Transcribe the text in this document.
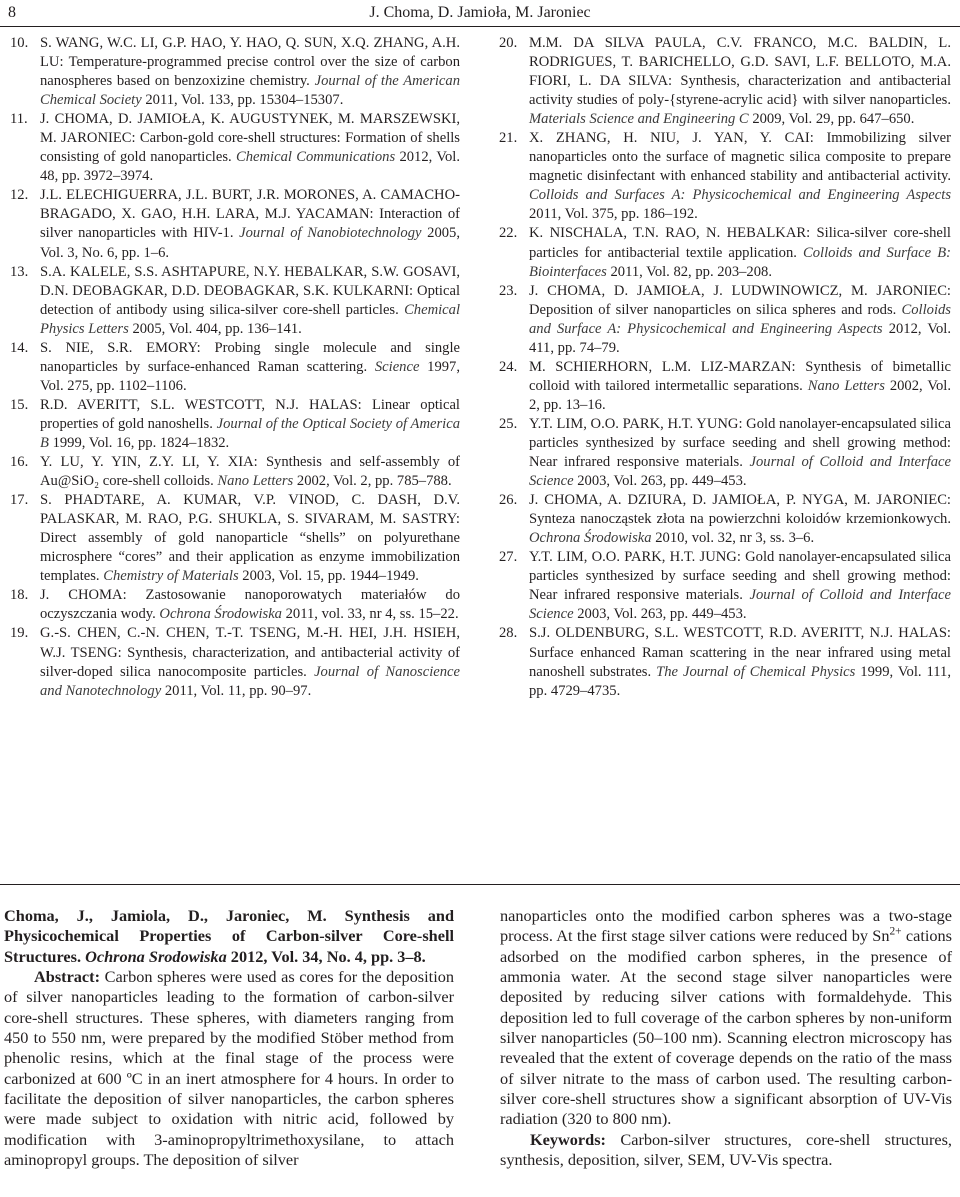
8	J. Choma, D. Jamioła, M. Jaroniec
10. S. WANG, W.C. LI, G.P. HAO, Y. HAO, Q. SUN, X.Q. ZHANG, A.H. LU: Temperature-programmed precise control over the size of carbon nanospheres based on benzoxizine chemistry. Journal of the American Chemical Society 2011, Vol. 133, pp. 15304–15307.
11. J. CHOMA, D. JAMIOŁA, K. AUGUSTYNEK, M. MARSZEWSKI, M. JARONIEC: Carbon-gold core-shell structures: Formation of shells consisting of gold nanoparticles. Chemical Communications 2012, Vol. 48, pp. 3972–3974.
12. J.L. ELECHIGUERRA, J.L. BURT, J.R. MORONES, A. CAMACHO-BRAGADO, X. GAO, H.H. LARA, M.J. YACAMAN: Interaction of silver nanoparticles with HIV-1. Journal of Nanobiotechnology 2005, Vol. 3, No. 6, pp. 1–6.
13. S.A. KALELE, S.S. ASHTAPURE, N.Y. HEBALKAR, S.W. GOSAVI, D.N. DEOBAGKAR, D.D. DEOBAGKAR, S.K. KULKARNI: Optical detection of antibody using silica-silver core-shell particles. Chemical Physics Letters 2005, Vol. 404, pp. 136–141.
14. S. NIE, S.R. EMORY: Probing single molecule and single nanoparticles by surface-enhanced Raman scattering. Science 1997, Vol. 275, pp. 1102–1106.
15. R.D. AVERITT, S.L. WESTCOTT, N.J. HALAS: Linear optical properties of gold nanoshells. Journal of the Optical Society of America B 1999, Vol. 16, pp. 1824–1832.
16. Y. LU, Y. YIN, Z.Y. LI, Y. XIA: Synthesis and self-assembly of Au@SiO₂ core-shell colloids. Nano Letters 2002, Vol. 2, pp. 785–788.
17. S. PHADTARE, A. KUMAR, V.P. VINOD, C. DASH, D.V. PALASKAR, M. RAO, P.G. SHUKLA, S. SIVARAM, M. SASTRY: Direct assembly of gold nanoparticle “shells” on polyurethane microsphere “cores” and their application as enzyme immobilization templates. Chemistry of Materials 2003, Vol. 15, pp. 1944–1949.
18. J. CHOMA: Zastosowanie nanoporowatych materiałów do oczyszczania wody. Ochrona Środowiska 2011, vol. 33, nr 4, ss. 15–22.
19. G.-S. CHEN, C.-N. CHEN, T.-T. TSENG, M.-H. HEI, J.H. HSIEH, W.J. TSENG: Synthesis, characterization, and antibacterial activity of silver-doped silica nanocomposite particles. Journal of Nanoscience and Nanotechnology 2011, Vol. 11, pp. 90–97.
20. M.M. DA SILVA PAULA, C.V. FRANCO, M.C. BALDIN, L. RODRIGUES, T. BARICHELLO, G.D. SAVI, L.F. BELLOTO, M.A. FIORI, L. DA SILVA: Synthesis, characterization and antibacterial activity studies of poly-{styrene-acrylic acid} with silver nanoparticles. Materials Science and Engineering C 2009, Vol. 29, pp. 647–650.
21. X. ZHANG, H. NIU, J. YAN, Y. CAI: Immobilizing silver nanoparticles onto the surface of magnetic silica composite to prepare magnetic disinfectant with enhanced stability and antibacterial activity. Colloids and Surfaces A: Physicochemical and Engineering Aspects 2011, Vol. 375, pp. 186–192.
22. K. NISCHALA, T.N. RAO, N. HEBALKAR: Silica-silver core-shell particles for antibacterial textile application. Colloids and Surface B: Biointerfaces 2011, Vol. 82, pp. 203–208.
23. J. CHOMA, D. JAMIOŁA, J. LUDWINOWICZ, M. JARONIEC: Deposition of silver nanoparticles on silica spheres and rods. Colloids and Surface A: Physicochemical and Engineering Aspects 2012, Vol. 411, pp. 74–79.
24. M. SCHIERHORN, L.M. LIZ-MARZAN: Synthesis of bimetallic colloid with tailored intermetallic separations. Nano Letters 2002, Vol. 2, pp. 13–16.
25. Y.T. LIM, O.O. PARK, H.T. YUNG: Gold nanolayer-encapsulated silica particles synthesized by surface seeding and shell growing method: Near infrared responsive materials. Journal of Colloid and Interface Science 2003, Vol. 263, pp. 449–453.
26. J. CHOMA, A. DZIURA, D. JAMIOŁA, P. NYGA, M. JARONIEC: Synteza nanocząstek złota na powierzchni koloidów krzemionkowych. Ochrona Środowiska 2010, vol. 32, nr 3, ss. 3–6.
27. Y.T. LIM, O.O. PARK, H.T. JUNG: Gold nanolayer-encapsulated silica particles synthesized by surface seeding and shell growing method: Near infrared responsive materials. Journal of Colloid and Interface Science 2003, Vol. 263, pp. 449–453.
28. S.J. OLDENBURG, S.L. WESTCOTT, R.D. AVERITT, N.J. HALAS: Surface enhanced Raman scattering in the near infrared using metal nanoshell substrates. The Journal of Chemical Physics 1999, Vol. 111, pp. 4729–4735.
Choma, J., Jamiola, D., Jaroniec, M. Synthesis and Physicochemical Properties of Carbon-silver Core-shell Structures. Ochrona Srodowiska 2012, Vol. 34, No. 4, pp. 3–8.
Abstract: Carbon spheres were used as cores for the deposition of silver nanoparticles leading to the formation of carbon-silver core-shell structures. These spheres, with diameters ranging from 450 to 550 nm, were prepared by the modified Stöber method from phenolic resins, which at the final stage of the process were carbonized at 600 ºC in an inert atmosphere for 4 hours. In order to facilitate the deposition of silver nanoparticles, the carbon spheres were made subject to oxidation with nitric acid, followed by modification with 3-aminopropyltrimethoxysilane, to attach aminopropyl groups. The deposition of silver
nanoparticles onto the modified carbon spheres was a two-stage process. At the first stage silver cations were reduced by $Sn^{2+}$ cations adsorbed on the modified carbon spheres, in the presence of ammonia water. At the second stage silver nanoparticles were deposited by reducing silver cations with formaldehyde. This deposition led to full coverage of the carbon spheres by non-uniform silver nanoparticles (50–100 nm). Scanning electron microscopy has revealed that the extent of coverage depends on the ratio of the mass of silver nitrate to the mass of carbon used. The resulting carbon-silver core-shell structures show a significant absorption of UV-Vis radiation (320 to 800 nm).
Keywords: Carbon-silver structures, core-shell structures, synthesis, deposition, silver, SEM, UV-Vis spectra.
